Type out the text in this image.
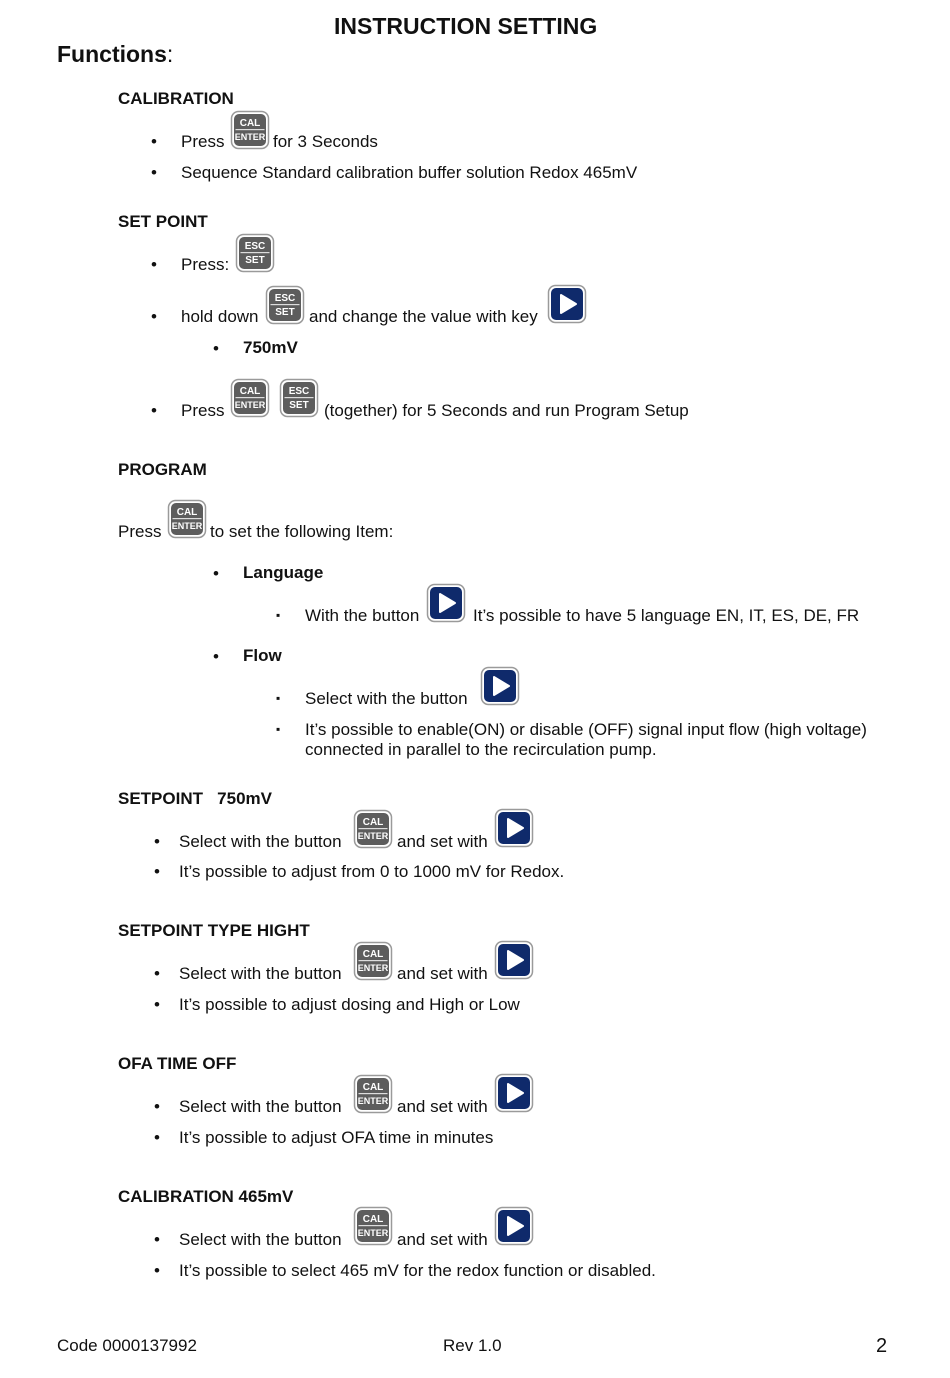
INSTRUCTION SETTING
Functions:
CALIBRATION
• Press
CAL
ENTER for 3 Seconds
• Sequence Standard calibration buffer solution Redox 465mV
SET POINT
• Press:
ESC
SET
• hold down
ESC
SET and change the value with key
• 750mV
• Press
CAL
ENTER
ESC
SET (together) for 5 Seconds and run Program Setup
PROGRAM
Press
CAL
ENTER to set the following Item:
• Language
▪ With the button	It’s possible to have 5 language EN, IT, ES, DE, FR
• Flow
▪ Select with the button
▪ It’s possible to enable(ON) or disable (OFF) signal input flow (high voltage)
connected in parallel to the recirculation pump.
SETPOINT   750mV
• Select with the button
CAL
ENTER and set with
• It’s possible to adjust from 0 to 1000 mV for Redox.
SETPOINT TYPE HIGHT
• Select with the button
CAL
ENTER and set with
• It’s possible to adjust dosing and High or Low
OFA TIME OFF
• Select with the button
CAL
ENTER and set with
• It’s possible to adjust OFA time in minutes
CALIBRATION 465mV
• Select with the button
CAL
ENTER and set with
• It’s possible to select 465 mV for the redox function or disabled.
Code 0000137992	Rev 1.0	2
